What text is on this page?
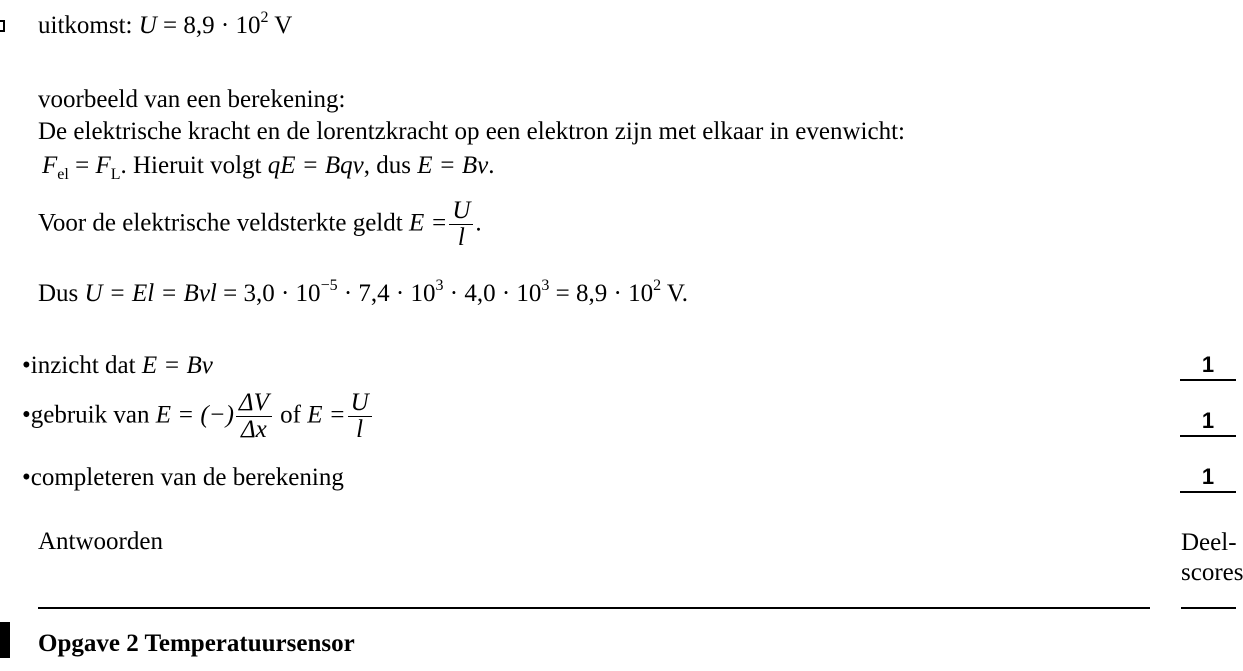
uitkomst: $U = 8,9 \cdot 10^2$ V
voorbeeld van een berekening:
De elektrische kracht en de lorentzkracht op een elektron zijn met elkaar in evenwicht:
$F_{el} = F_L$. Hieruit volgt qE = Bqv, dus E = Bv.
Voor de elektrische veldsterkte geldt $E = \frac{U}{l}$ .
Dus U = El = Bvl = $3,0 \cdot 10^{-5} \cdot 7,4 \cdot 10^3 \cdot 4,0 \cdot 10^3 = 8,9 \cdot 10^2$ V.
•inzicht dat E = Bv	1
•gebruik van E = (−) $\frac{\Delta V}{\Delta x}$ of $E = \frac{U}{l}$	1
•completeren van de berekening	1
Antwoorden	Deel-
scores
Opgave 2 Temperatuursensor
